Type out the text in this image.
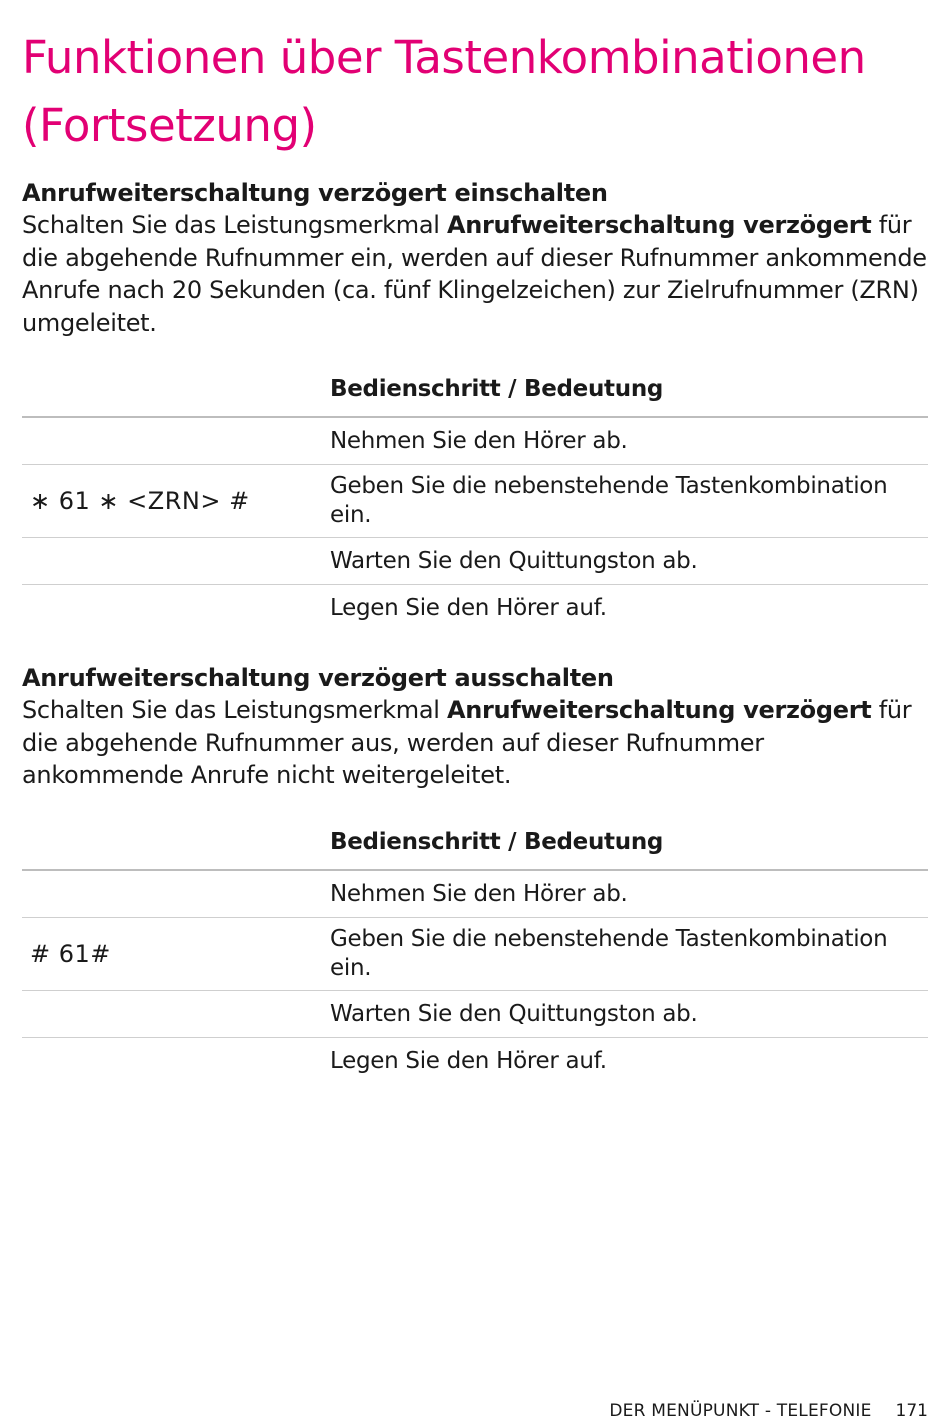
Funktionen über Tastenkombinationen (Fortsetzung)
Anrufweiterschaltung verzögert einschalten

Schalten Sie das Leistungsmerkmal Anrufweiterschaltung verzögert für die abgehende Rufnummer ein, werden auf dieser Rufnummer ankommende Anrufe nach 20 Sekunden (ca. fünf Klingelzeichen) zur Zielrufnummer (ZRN) umgeleitet.

	Bedienschritt / Bedeutung
	Nehmen Sie den Hörer ab.
∗ 61 ∗ <ZRN> #	Geben Sie die nebenstehende Tastenkombination ein.
	Warten Sie den Quittungston ab.
	Legen Sie den Hörer auf.
Anrufweiterschaltung verzögert ausschalten

Schalten Sie das Leistungsmerkmal Anrufweiterschaltung verzögert für die abgehende Rufnummer aus, werden auf dieser Rufnummer ankommende Anrufe nicht weitergeleitet.

	Bedienschritt / Bedeutung
	Nehmen Sie den Hörer ab.
# 61#	Geben Sie die nebenstehende Tastenkombination ein.
	Warten Sie den Quittungston ab.
	Legen Sie den Hörer auf.
DER MENÜPUNKT - TELEFONIE 171
